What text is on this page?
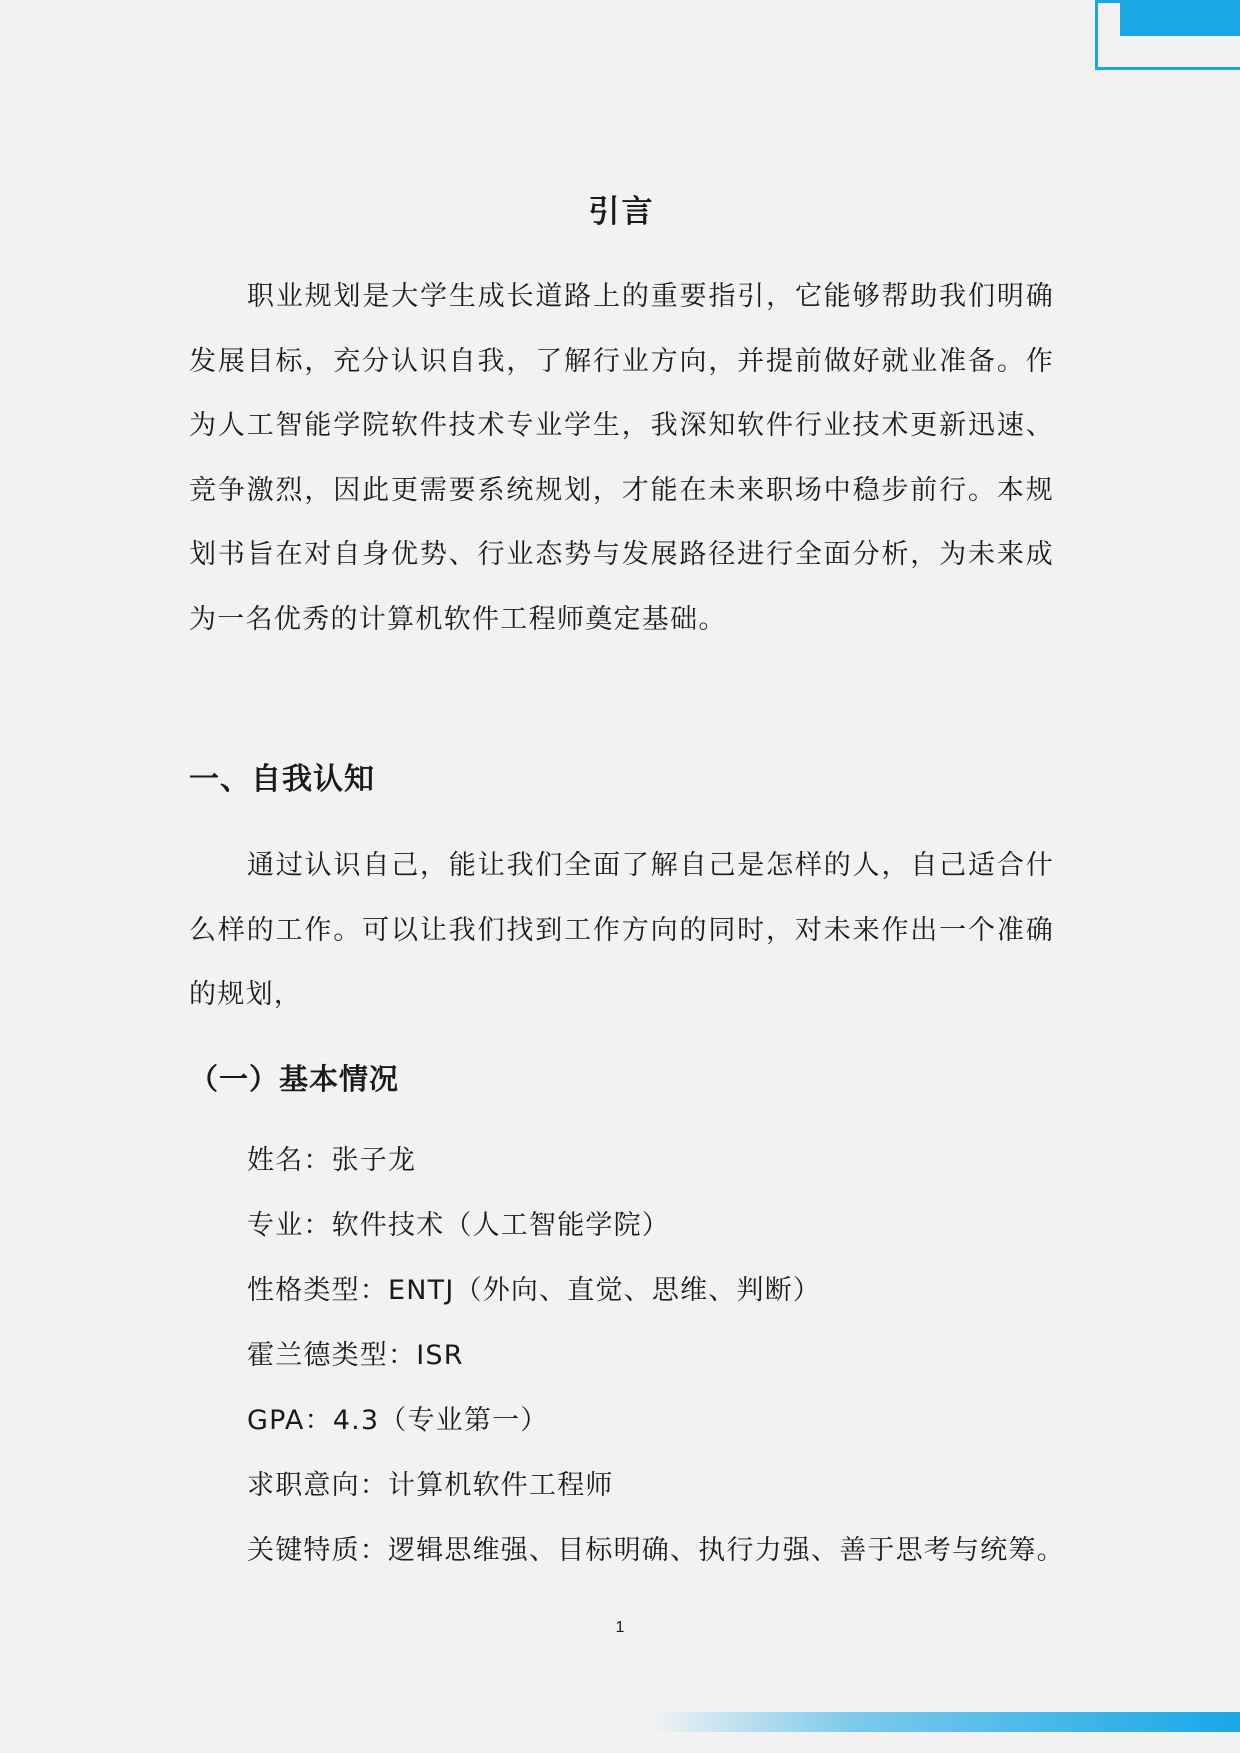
引言

职业规划是大学生成长道路上的重要指引，它能够帮助我们明确发展目标，充分认识自我，了解行业方向，并提前做好就业准备。作为人工智能学院软件技术专业学生，我深知软件行业技术更新迅速、竞争激烈，因此更需要系统规划，才能在未来职场中稳步前行。本规划书旨在对自身优势、行业态势与发展路径进行全面分析，为未来成为一名优秀的计算机软件工程师奠定基础。

一、自我认知

通过认识自己，能让我们全面了解自己是怎样的人，自己适合什么样的工作。可以让我们找到工作方向的同时，对未来作出一个准确的规划，

（一）基本情况
姓名：张子龙
专业：软件技术（人工智能学院）
性格类型：ENTJ（外向、直觉、思维、判断）
霍兰德类型：ISR
GPA：4.3（专业第一）
求职意向：计算机软件工程师
关键特质：逻辑思维强、目标明确、执行力强、善于思考与统筹。
1
